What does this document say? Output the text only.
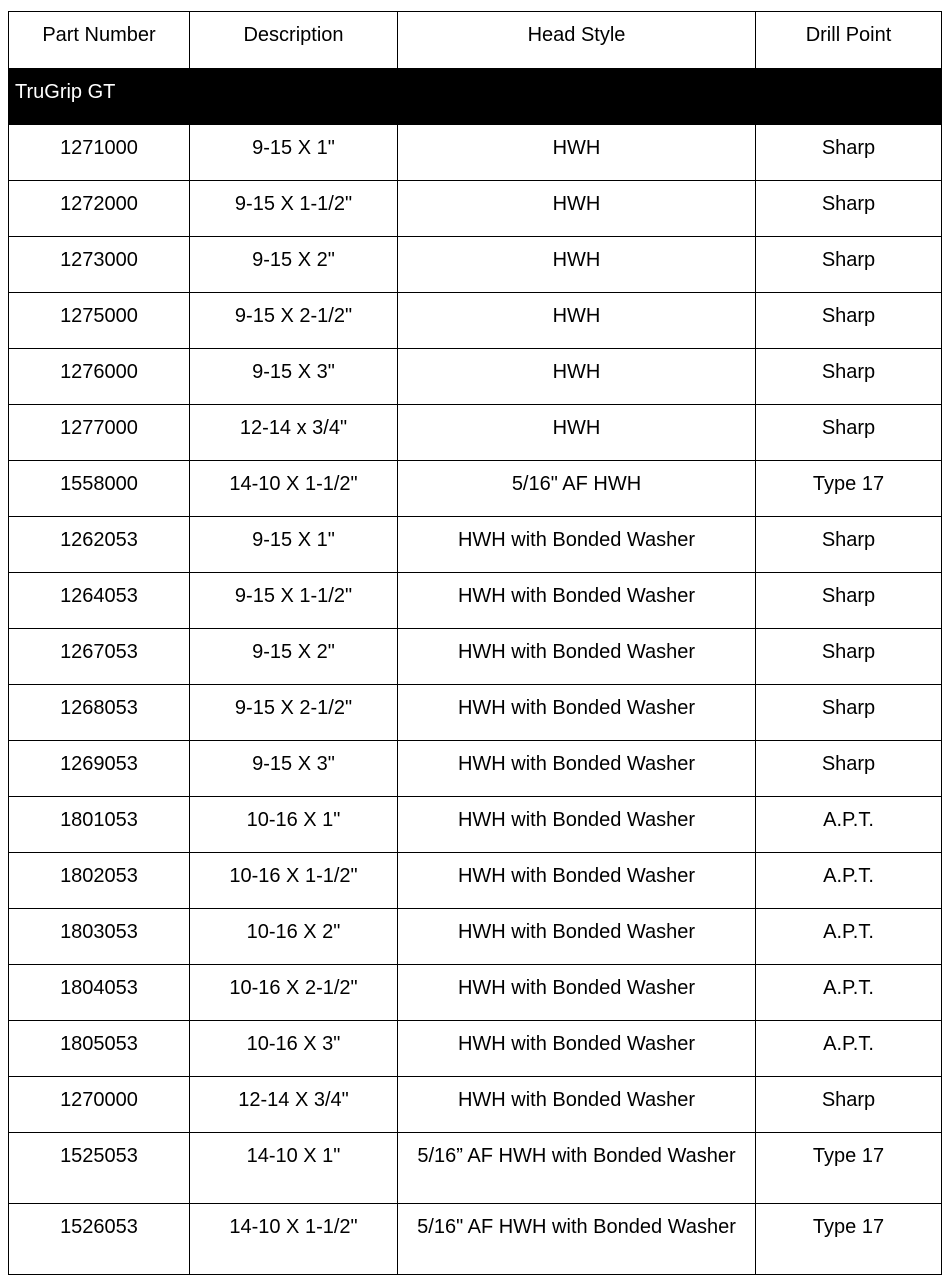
Part Number	Description	Head Style	Drill Point
TruGrip GT			
1271000	9-15 X 1"	HWH	Sharp
1272000	9-15 X 1-1/2"	HWH	Sharp
1273000	9-15 X 2"	HWH	Sharp
1275000	9-15 X 2-1/2"	HWH	Sharp
1276000	9-15 X 3"	HWH	Sharp
1277000	12-14 x 3/4"	HWH	Sharp
1558000	14-10 X 1-1/2"	5/16" AF HWH	Type 17
1262053	9-15 X 1"	HWH with Bonded Washer	Sharp
1264053	9-15 X 1-1/2"	HWH with Bonded Washer	Sharp
1267053	9-15 X 2"	HWH with Bonded Washer	Sharp
1268053	9-15 X 2-1/2"	HWH with Bonded Washer	Sharp
1269053	9-15 X 3"	HWH with Bonded Washer	Sharp
1801053	10-16 X 1"	HWH with Bonded Washer	A.P.T.
1802053	10-16 X 1-1/2"	HWH with Bonded Washer	A.P.T.
1803053	10-16 X 2"	HWH with Bonded Washer	A.P.T.
1804053	10-16 X 2-1/2"	HWH with Bonded Washer	A.P.T.
1805053	10-16 X 3"	HWH with Bonded Washer	A.P.T.
1270000	12-14 X 3/4"	HWH with Bonded Washer	Sharp
1525053	14-10 X 1"	5/16” AF HWH with Bonded Washer	Type 17
1526053	14-10 X 1-1/2"	5/16" AF HWH with Bonded Washer	Type 17
